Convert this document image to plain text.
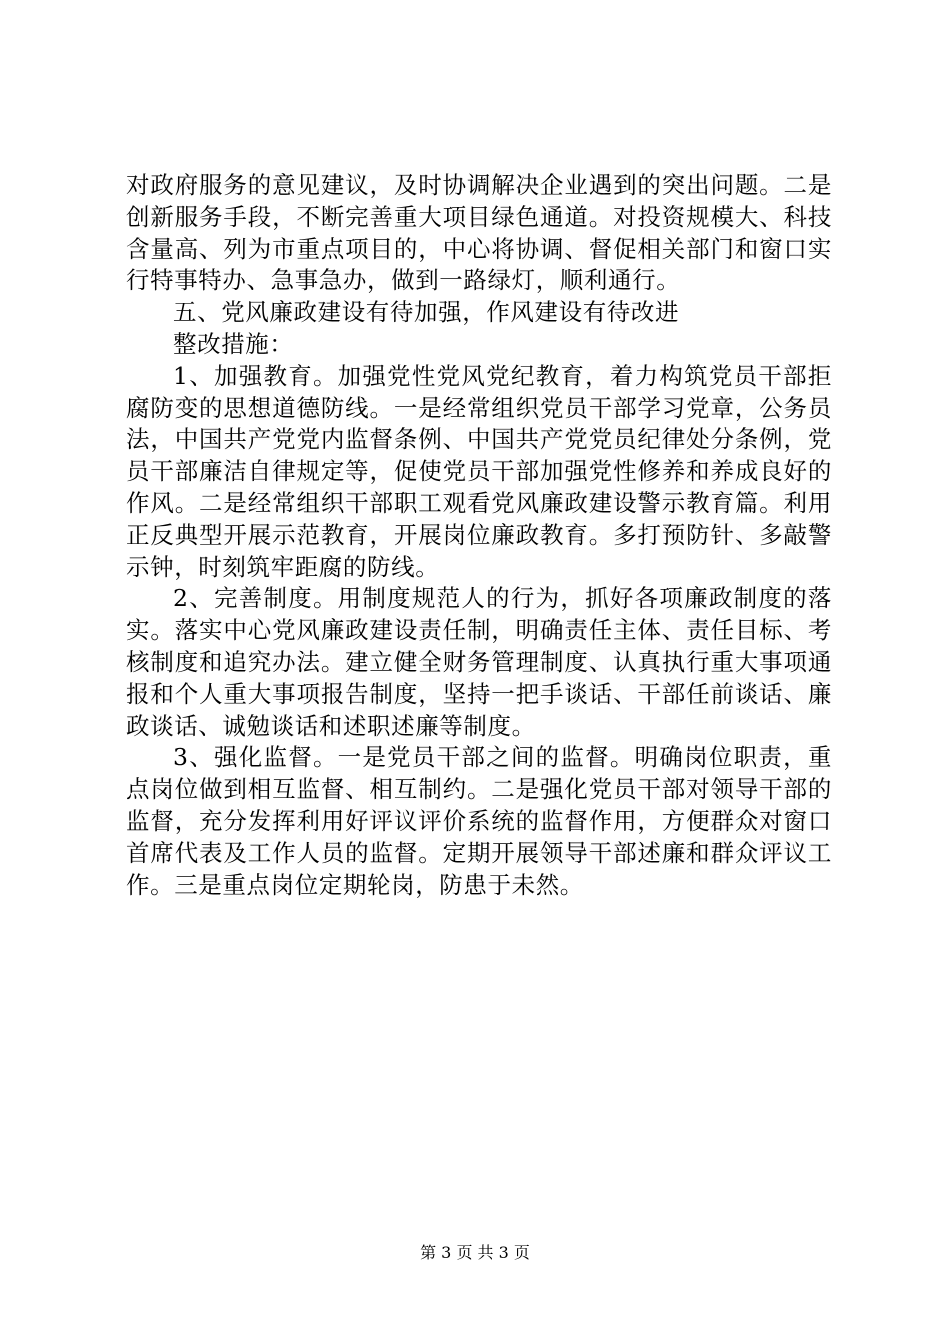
对政府服务的意见建议，及时协调解决企业遇到的突出问题。二是创新服务手段，不断完善重大项目绿色通道。对投资规模大、科技含量高、列为市重点项目的，中心将协调、督促相关部门和窗口实行特事特办、急事急办，做到一路绿灯，顺利通行。

五、党风廉政建设有待加强，作风建设有待改进

整改措施：

1、加强教育。加强党性党风党纪教育，着力构筑党员干部拒腐防变的思想道德防线。一是经常组织党员干部学习党章，公务员法，中国共产党党内监督条例、中国共产党党员纪律处分条例，党员干部廉洁自律规定等，促使党员干部加强党性修养和养成良好的作风。二是经常组织干部职工观看党风廉政建设警示教育篇。利用正反典型开展示范教育，开展岗位廉政教育。多打预防针、多敲警示钟，时刻筑牢距腐的防线。

2、完善制度。用制度规范人的行为，抓好各项廉政制度的落实。落实中心党风廉政建设责任制，明确责任主体、责任目标、考核制度和追究办法。建立健全财务管理制度、认真执行重大事项通报和个人重大事项报告制度，坚持一把手谈话、干部任前谈话、廉政谈话、诚勉谈话和述职述廉等制度。

3、强化监督。一是党员干部之间的监督。明确岗位职责，重点岗位做到相互监督、相互制约。二是强化党员干部对领导干部的监督，充分发挥利用好评议评价系统的监督作用，方便群众对窗口首席代表及工作人员的监督。定期开展领导干部述廉和群众评议工作。三是重点岗位定期轮岗，防患于未然。

第 3 页 共 3 页
